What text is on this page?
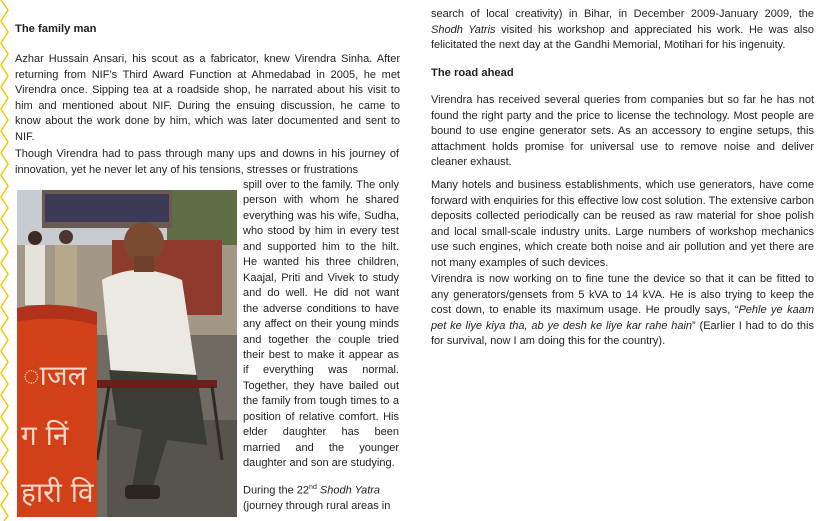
The family man

Azhar Hussain Ansari, his scout as a fabricator, knew Virendra Sinha. After returning from NIF’s Third Award Function at Ahmedabad in 2005, he met Virendra once. Sipping tea at a roadside shop, he narrated about his visit to him and mentioned about NIF. During the ensuing discussion, he came to know about the work done by him, which was later documented and sent to NIF.

Though Virendra had to pass through many ups and downs in his journey of innovation, yet he never let any of his tensions, stresses or frustrations

ाजल
ग निं
हारी वि

spill over to the family. The only person with whom he shared everything was his wife, Sudha, who stood by him in every test and supported him to the hilt. He wanted his three children, Kaajal, Priti and Vivek to study and do well. He did not want the adverse conditions to have any affect on their young minds and together the couple tried their best to make it appear as if everything was normal. Together, they have bailed out the family from tough times to a position of relative comfort. His elder daughter has been married and the younger daughter and son are studying.

During the 22nd Shodh Yatra
(journey through rural areas in

search of local creativity) in Bihar, in December 2009-January 2009, the Shodh Yatris visited his workshop and appreciated his work. He was also felicitated the next day at the Gandhi Memorial, Motihari for his ingenuity.

The road ahead

Virendra has received several queries from companies but so far he has not found the right party and the price to license the technology. Most people are bound to use engine generator sets. As an accessory to engine setups, this attachment holds promise for universal use to remove noise and deliver cleaner exhaust.

Many hotels and business establishments, which use generators, have come forward with enquiries for this effective low cost solution. The extensive carbon deposits collected periodically can be reused as raw material for shoe polish and local small-scale industry units. Large numbers of workshop mechanics use such engines, which create both noise and air pollution and yet there are not many examples of such devices.

Virendra is now working on to fine tune the device so that it can be fitted to any generators/gensets from 5 kVA to 14 kVA. He is also trying to keep the cost down, to enable its maximum usage. He proudly says, “Pehle ye kaam pet ke liye kiya tha, ab ye desh ke liye kar rahe hain” (Earlier I had to do this for survival, now I am doing this for the country).
